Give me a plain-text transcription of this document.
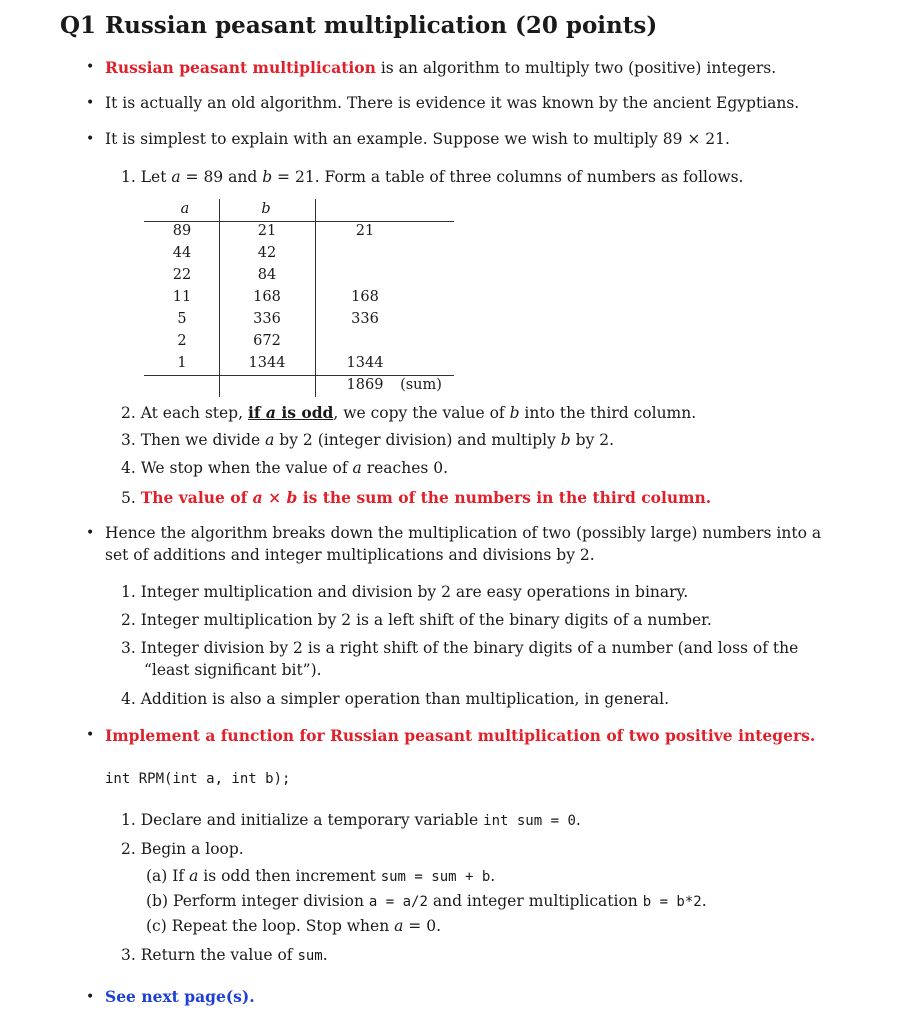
Q1 Russian peasant multiplication (20 points)
• Russian peasant multiplication is an algorithm to multiply two (positive) integers.
• It is actually an old algorithm. There is evidence it was known by the ancient Egyptians.
• It is simplest to explain with an example. Suppose we wish to multiply 89 × 21.
1. Let a = 89 and b = 21. Form a table of three columns of numbers as follows.
a	b
89
44
22
11
5
2
1
21
42
84
168
336
672
1344
21
168
336
1344
1869	(sum)
2. At each step, if a is odd, we copy the value of b into the third column.
3. Then we divide a by 2 (integer division) and multiply b by 2.
4. We stop when the value of a reaches 0.
5. The value of a × b is the sum of the numbers in the third column.
• Hence the algorithm breaks down the multiplication of two (possibly large) numbers into a
set of additions and integer multiplications and divisions by 2.
1. Integer multiplication and division by 2 are easy operations in binary.
2. Integer multiplication by 2 is a left shift of the binary digits of a number.
3. Integer division by 2 is a right shift of the binary digits of a number (and loss of the
“least significant bit”).
4. Addition is also a simpler operation than multiplication, in general.
• Implement a function for Russian peasant multiplication of two positive integers.
int RPM(int a, int b);
1. Declare and initialize a temporary variable int sum = 0.
2. Begin a loop.
(a) If a is odd then increment sum = sum + b.
(b) Perform integer division a = a/2 and integer multiplication b = b*2.
(c) Repeat the loop. Stop when a = 0.
3. Return the value of sum.
• See next page(s).
